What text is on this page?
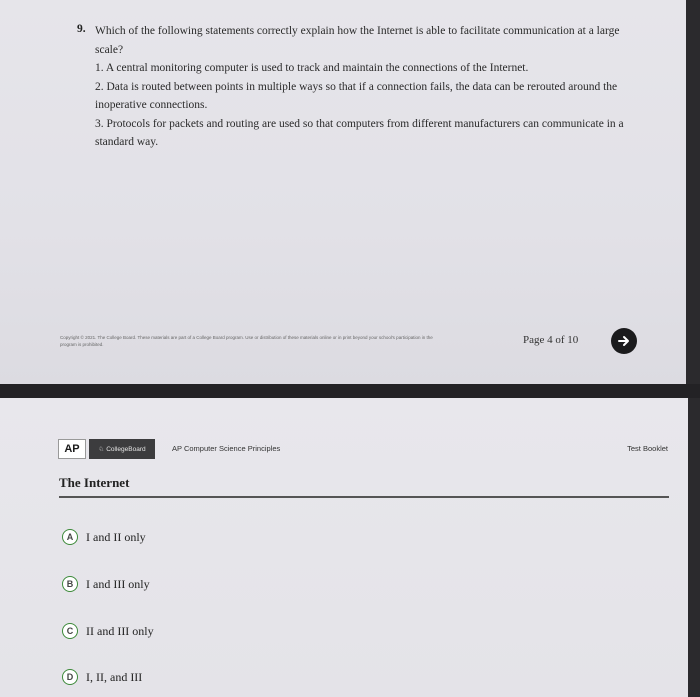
9. Which of the following statements correctly explain how the Internet is able to facilitate communication at a large scale?

1. A central monitoring computer is used to track and maintain the connections of the Internet.

2. Data is routed between points in multiple ways so that if a connection fails, the data can be rerouted around the inoperative connections.

3. Protocols for packets and routing are used so that computers from different manufacturers can communicate in a standard way.

Copyright © 2021. The College Board. These materials are part of a College Board program. Use or distribution of these materials online or in print beyond your school's participation in the program is prohibited.	Page 4 of 10
AP	♘ CollegeBoard	AP Computer Science Principles	Test Booklet
The Internet
A	I and II only
B	I and III only
C	II and III only
D	I, II, and III
